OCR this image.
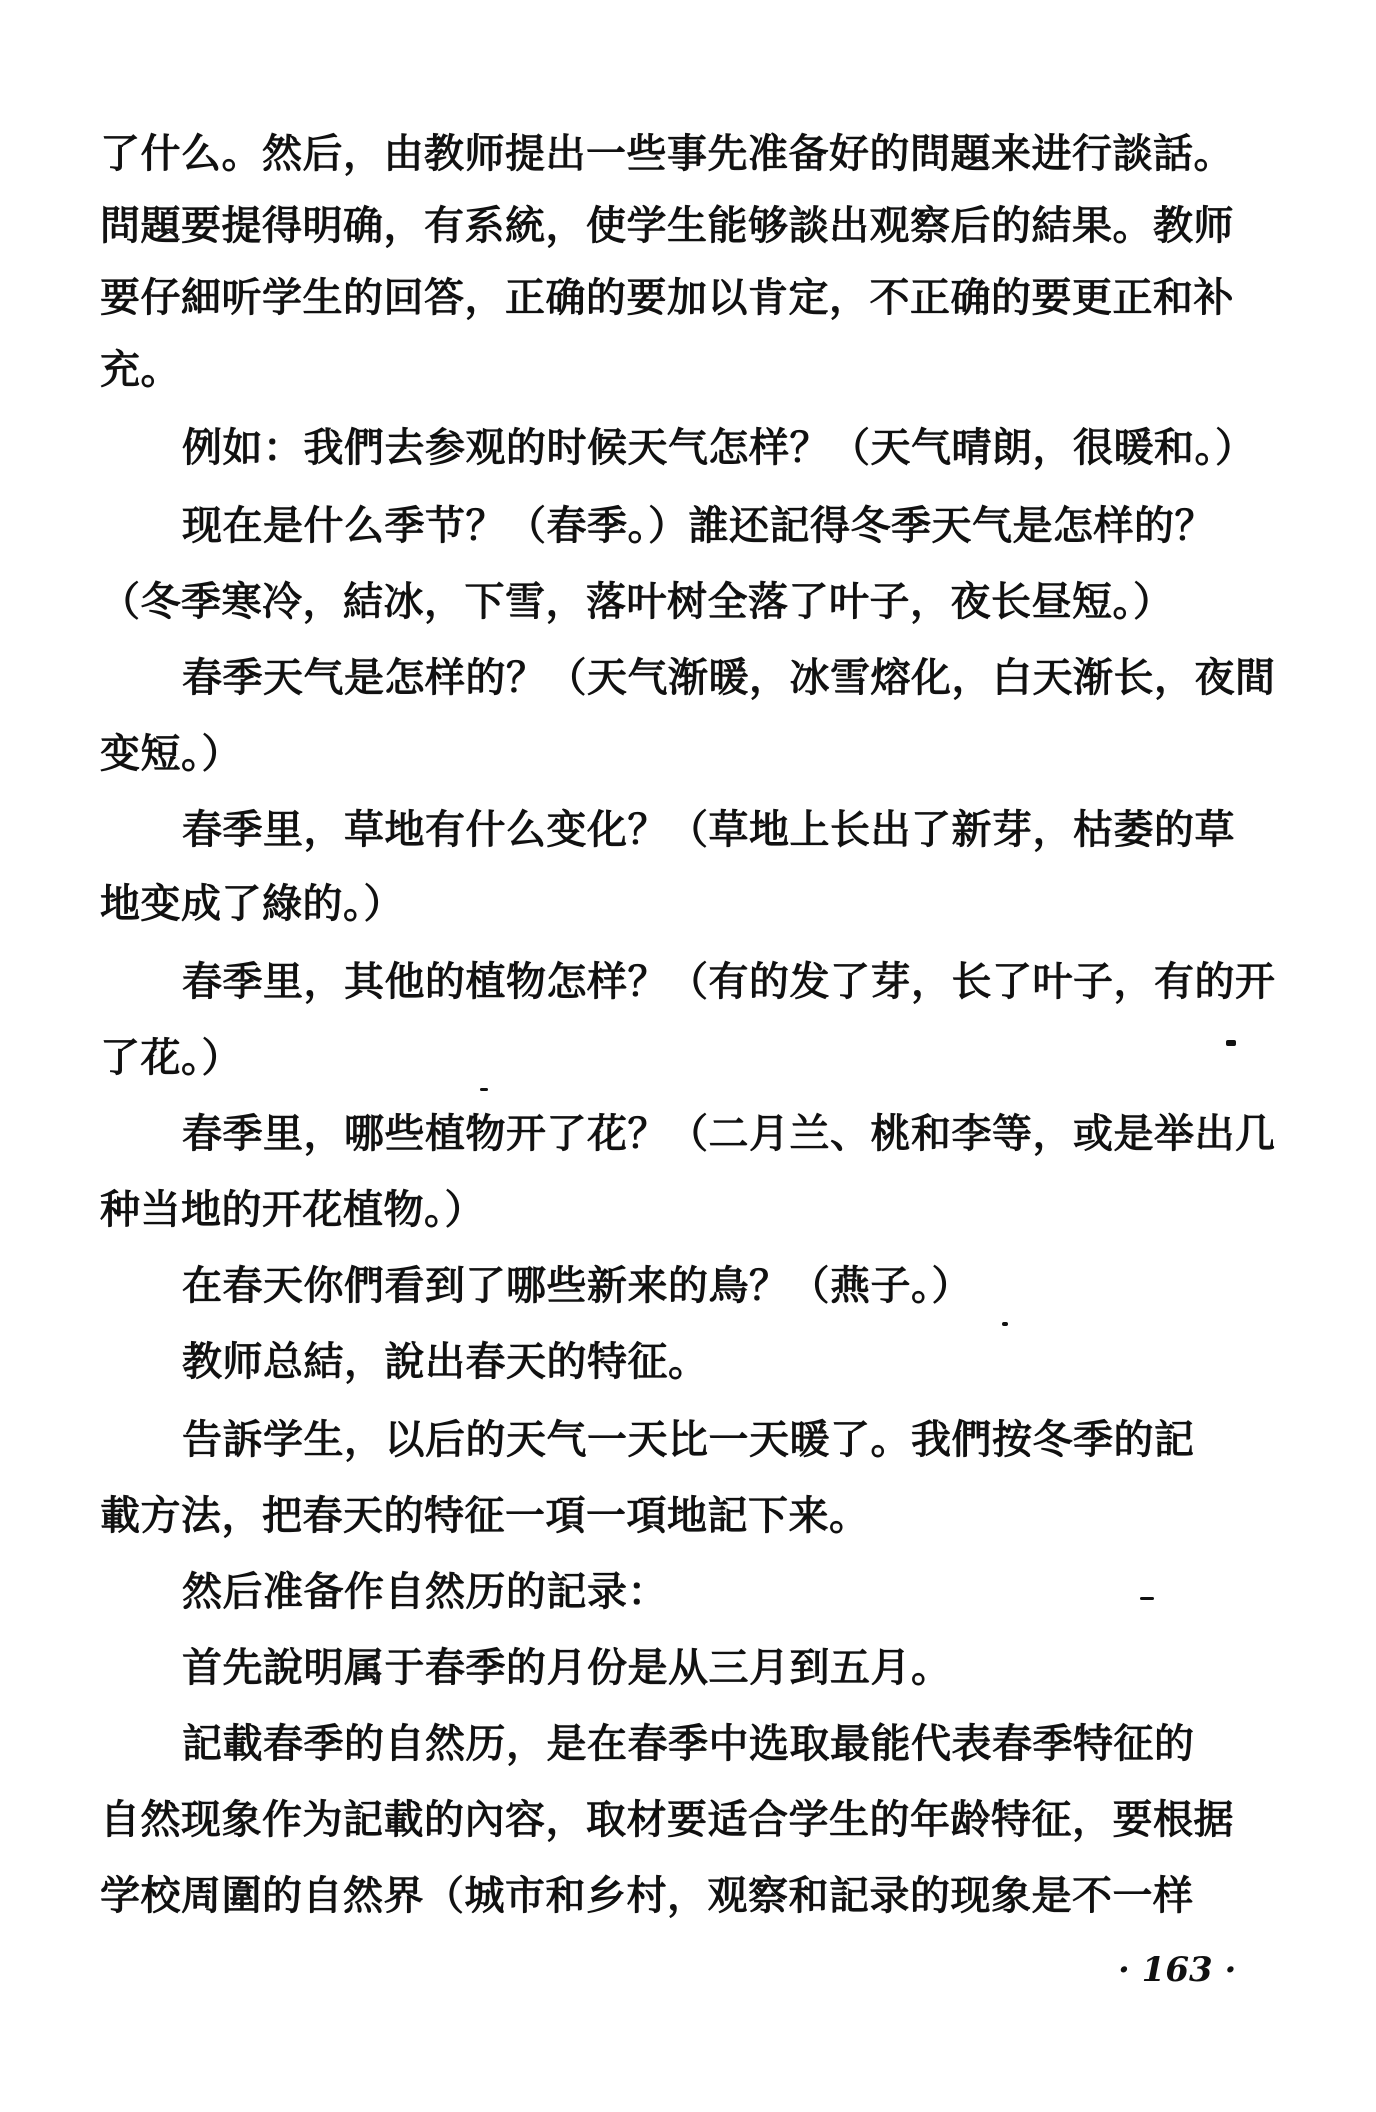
了什么。然后，由教师提出一些事先准备好的問題来进行談話。
問題要提得明确，有系統，使学生能够談出观察后的結果。教师
要仔細听学生的回答，正确的要加以肯定，不正确的要更正和补
充。
例如：我們去参观的时候天气怎样？（天气晴朗，很暖和。）
现在是什么季节？（春季。）誰还記得冬季天气是怎样的？
（冬季寒冷，結冰，下雪，落叶树全落了叶子，夜长昼短。）
春季天气是怎样的？（天气渐暖，冰雪熔化，白天渐长，夜間
变短。）
春季里，草地有什么变化？（草地上长出了新芽，枯萎的草
地变成了綠的。）
春季里，其他的植物怎样？（有的发了芽，长了叶子，有的开
了花。）
春季里，哪些植物开了花？（二月兰、桃和李等，或是举出几
种当地的开花植物。）
在春天你們看到了哪些新来的鳥？（燕子。）
教师总結，說出春天的特征。
告訴学生，以后的天气一天比一天暖了。我們按冬季的記
載方法，把春天的特征一項一項地記下来。
然后准备作自然历的記录：
首先說明属于春季的月份是从三月到五月。
記載春季的自然历，是在春季中选取最能代表春季特征的
自然现象作为記載的內容，取材要适合学生的年龄特征，要根据
学校周圍的自然界（城市和乡村，观察和記录的现象是不一样
· 163 ·
